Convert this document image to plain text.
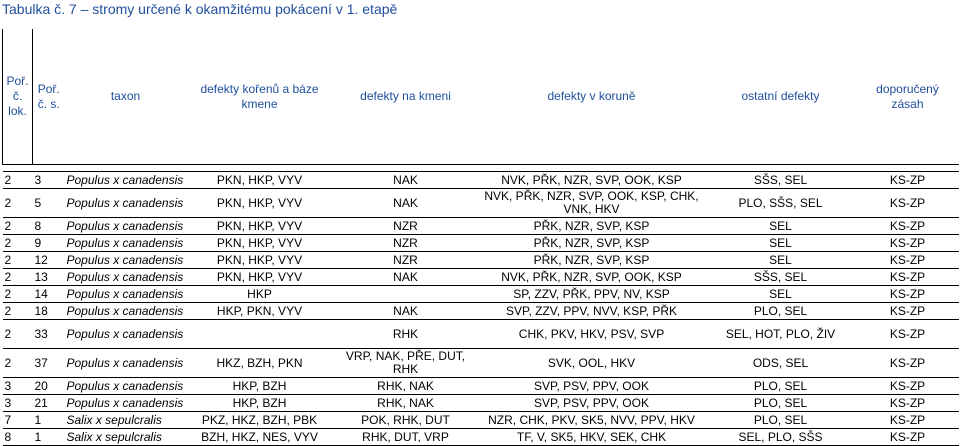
Tabulka č. 7 – stromy určené k okamžitému pokácení v 1. etapě
Poř. č. lok.	Poř. č. s.	taxon	defekty kořenů a báze kmene	defekty na kmeni	defekty v koruně	ostatní defekty	doporučený zásah

2	3	Populus x canadensis	PKN, HKP, VYV	NAK	NVK, PŘK, NZR, SVP, OOK, KSP	SŠS, SEL	KS-ZP
2	5	Populus x canadensis	PKN, HKP, VYV	NAK	NVK, PŘK, NZR, SVP, OOK, KSP, CHK, VNK, HKV	PLO, SŠS, SEL	KS-ZP
2	8	Populus x canadensis	PKN, HKP, VYV	NZR	PŘK, NZR, SVP, KSP	SEL	KS-ZP
2	9	Populus x canadensis	PKN, HKP, VYV	NZR	PŘK, NZR, SVP, KSP	SEL	KS-ZP
2	12	Populus x canadensis	PKN, HKP, VYV	NZR	PŘK, NZR, SVP, KSP	SEL	KS-ZP
2	13	Populus x canadensis	PKN, HKP, VYV	NAK	NVK, PŘK, NZR, SVP, OOK, KSP	SŠS, SEL	KS-ZP
2	14	Populus x canadensis	HKP		SP, ZZV, PŘK, PPV, NV, KSP	SEL	KS-ZP
2	18	Populus x canadensis	HKP, PKN, VYV	NAK	SVP, ZZV, PPV, NVV, KSP, PŘK	PLO, SEL	KS-ZP
2	33	Populus x canadensis		RHK	CHK, PKV, HKV, PSV, SVP	SEL, HOT, PLO, ŽIV	KS-ZP
2	37	Populus x canadensis	HKZ, BZH, PKN	VRP, NAK, PŘE, DUT, RHK	SVK, OOL, HKV	ODS, SEL	KS-ZP
3	20	Populus x canadensis	HKP, BZH	RHK, NAK	SVP, PSV, PPV, OOK	PLO, SEL	KS-ZP
3	21	Populus x canadensis	HKP, BZH	RHK, NAK	SVP, PSV, PPV, OOK	PLO, SEL	KS-ZP
7	1	Salix x sepulcralis	PKZ, HKZ, BZH, PBK	POK, RHK, DUT	NZR, CHK, PKV, SK5, NVV, PPV, HKV	PLO, SEL	KS-ZP
8	1	Salix x sepulcralis	BZH, HKZ, NES, VYV	RHK, DUT, VRP	TF, V, SK5, HKV, SEK, CHK	SEL, PLO, SŠS	KS-ZP
